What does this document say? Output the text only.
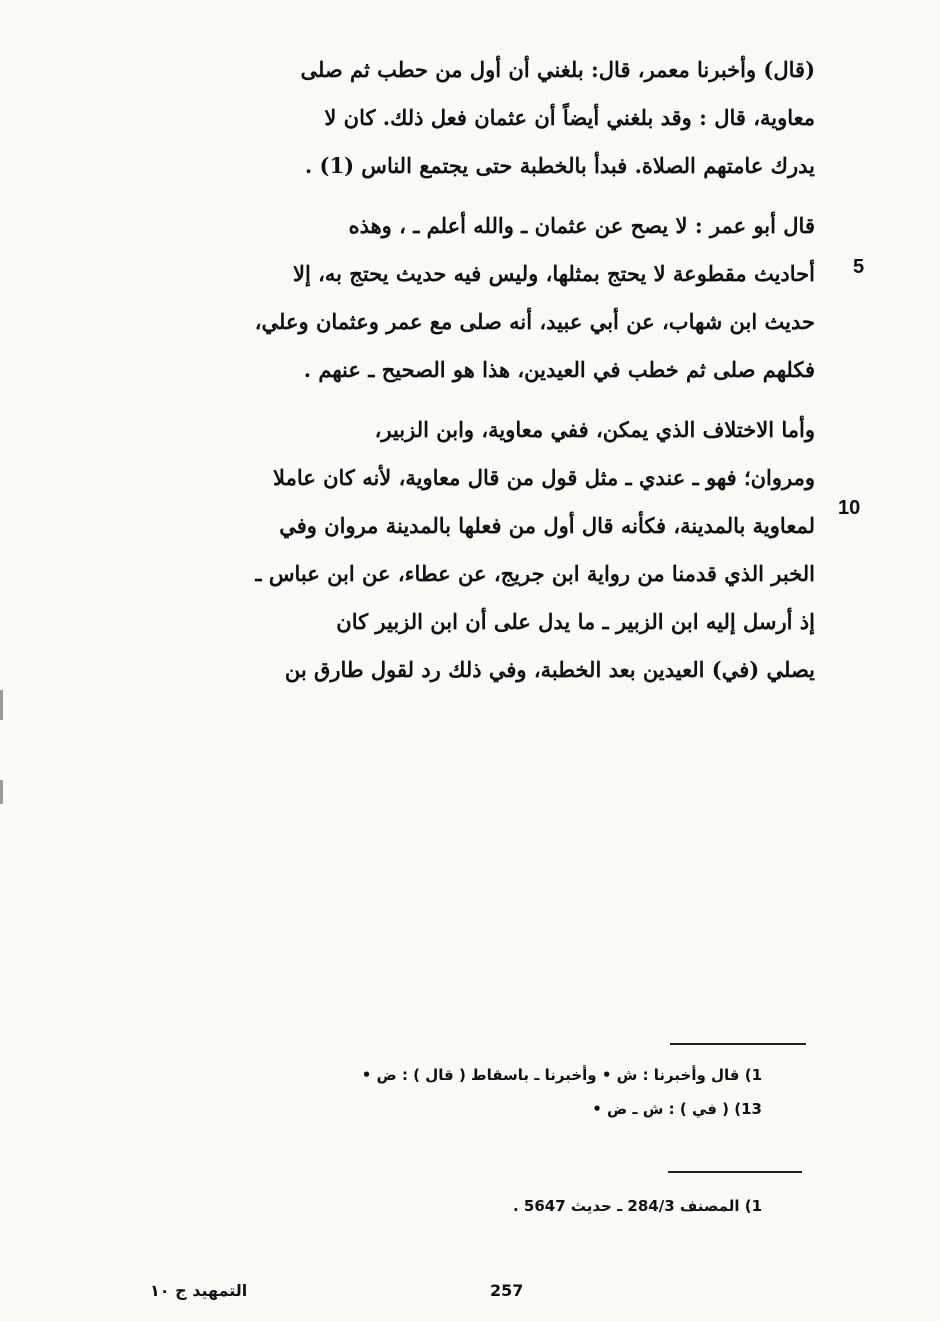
(قال) وأخبرنا معمر، قال: بلغني أن أول من حطب ثم صلى
معاوية، قال : وقد بلغني أيضاً أن عثمان فعل ذلك. كان لا
يدرك عامتهم الصلاة. فبدأ بالخطبة حتى يجتمع الناس (1) .
قال أبو عمر : لا يصح عن عثمان ـ والله أعلم ـ ، وهذه
أحاديث مقطوعة لا يحتج بمثلها، وليس فيه حديث يحتج به، إلا
حديث ابن شهاب، عن أبي عبيد، أنه صلى مع عمر وعثمان وعلي،
فكلهم صلى ثم خطب في العيدين، هذا هو الصحيح ـ عنهم .
وأما الاختلاف الذي يمكن، ففي معاوية، وابن الزبير،
ومروان؛ فهو ـ عندي ـ مثل قول من قال معاوية، لأنه كان عاملا
لمعاوية بالمدينة، فكأنه قال أول من فعلها بالمدينة مروان وفي
الخبر الذي قدمنا من رواية ابن جريج، عن عطاء، عن ابن عباس ـ
إذ أرسل إليه ابن الزبير ـ ما يدل على أن ابن الزبير كان
يصلي (في) العيدين بعد الخطبة، وفي ذلك رد لقول طارق بن
5
10
1) قال وأخبرنا : ش • وأخبرنا ـ باسقاط ( قال ) : ض •
13) ( في ) : ش ـ ض •
1) المصنف 284/3 ـ حديث 5647 .
257
التمهيد ج ١٠
